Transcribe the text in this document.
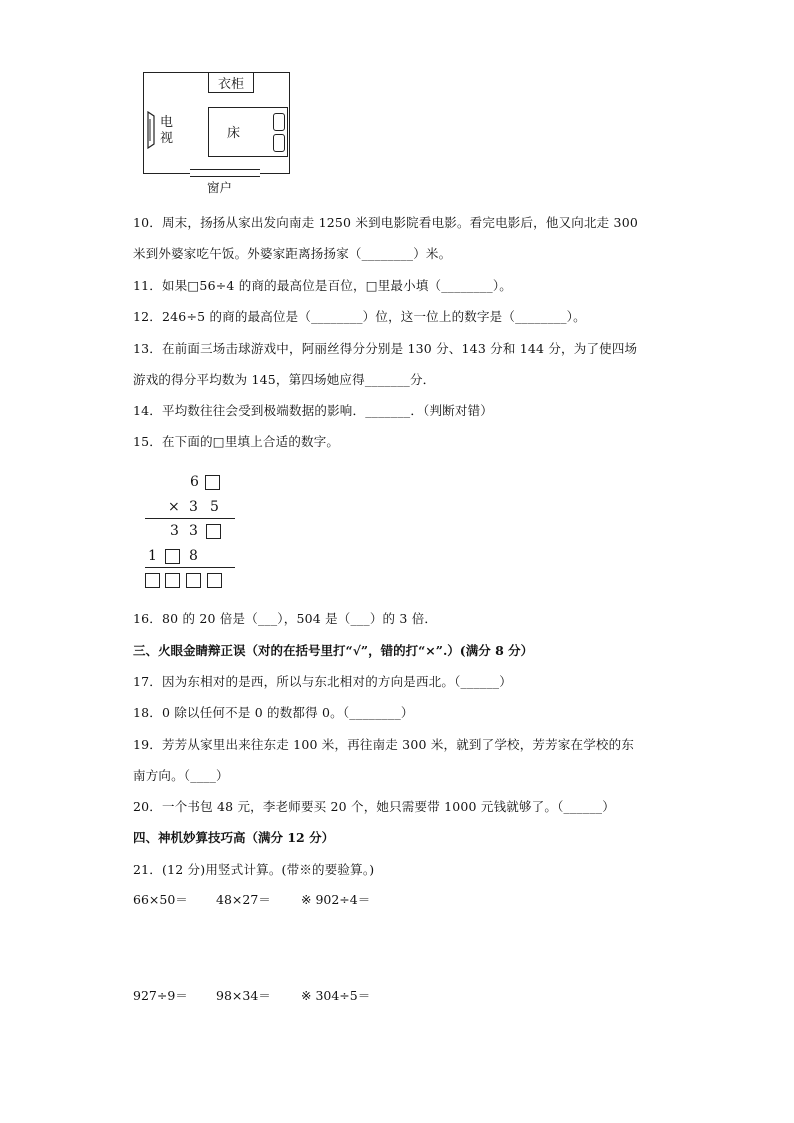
衣柜
床
电视
窗户
10．周末，扬扬从家出发向南走 1250 米到电影院看电影。看完电影后，他又向北走 300
米到外婆家吃午饭。外婆家距离扬扬家（________）米。
11．如果□56÷4 的商的最高位是百位，□里最小填（________）。
12．246÷5 的商的最高位是（________）位，这一位上的数字是（________）。
13．在前面三场击球游戏中，阿丽丝得分分别是 130 分、143 分和 144 分，为了使四场
游戏的得分平均数为 145，第四场她应得_______分．
14．平均数往往会受到极端数据的影响．_______．（判断对错）
15．在下面的□里填上合适的数字。
6
× 3 5
3 3
1 8
16．80 的 20 倍是（___），504 是（___）的 3 倍．
三、火眼金睛辩正误（对的在括号里打“√”，错的打“×”.）(满分 8 分）
17．因为东相对的是西，所以与东北相对的方向是西北。（______）
18．0 除以任何不是 0 的数都得 0。（________）
19．芳芳从家里出来往东走 100 米，再往南走 300 米，就到了学校，芳芳家在学校的东
南方向。（____）
20．一个书包 48 元，李老师要买 20 个，她只需要带 1000 元钱就够了。（______）
四、神机妙算技巧高（满分 12 分）
21．(12 分)用竖式计算。(带※的要验算。)
66×50＝ 48×27＝ ※ 902÷4＝
927÷9＝ 98×34＝ ※ 304÷5＝
